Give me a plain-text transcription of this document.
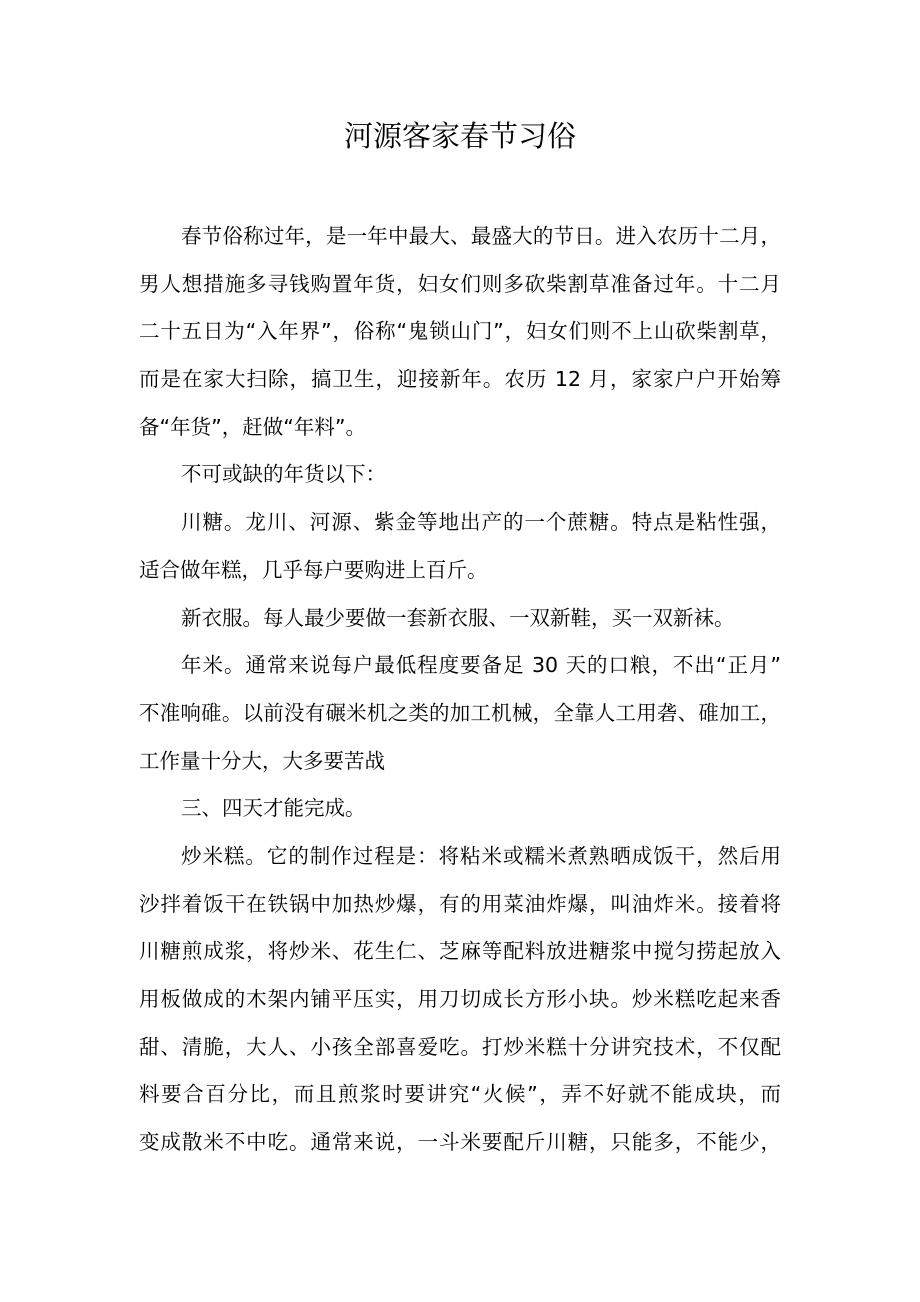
河源客家春节习俗
春节俗称过年，是一年中最大、最盛大的节日。进入农历十二月，
男人想措施多寻钱购置年货，妇女们则多砍柴割草准备过年。十二月
二十五日为“入年界”，俗称“鬼锁山门”，妇女们则不上山砍柴割草，
而是在家大扫除，搞卫生，迎接新年。农历 12 月，家家户户开始筹
备“年货”，赶做“年料”。
不可或缺的年货以下：
川糖。龙川、河源、紫金等地出产的一个蔗糖。特点是粘性强，
适合做年糕，几乎每户要购进上百斤。
新衣服。每人最少要做一套新衣服、一双新鞋，买一双新袜。
年米。通常来说每户最低程度要备足 30 天的口粮，不出“正月”
不准响碓。以前没有碾米机之类的加工机械，全靠人工用砻、碓加工，
工作量十分大，大多要苦战
三、四天才能完成。
炒米糕。它的制作过程是：将粘米或糯米煮熟晒成饭干，然后用
沙拌着饭干在铁锅中加热炒爆，有的用菜油炸爆，叫油炸米。接着将
川糖煎成浆，将炒米、花生仁、芝麻等配料放进糖浆中搅匀捞起放入
用板做成的木架内铺平压实，用刀切成长方形小块。炒米糕吃起来香
甜、清脆，大人、小孩全部喜爱吃。打炒米糕十分讲究技术，不仅配
料要合百分比，而且煎浆时要讲究“火候”，弄不好就不能成块，而
变成散米不中吃。通常来说，一斗米要配斤川糖，只能多，不能少，
